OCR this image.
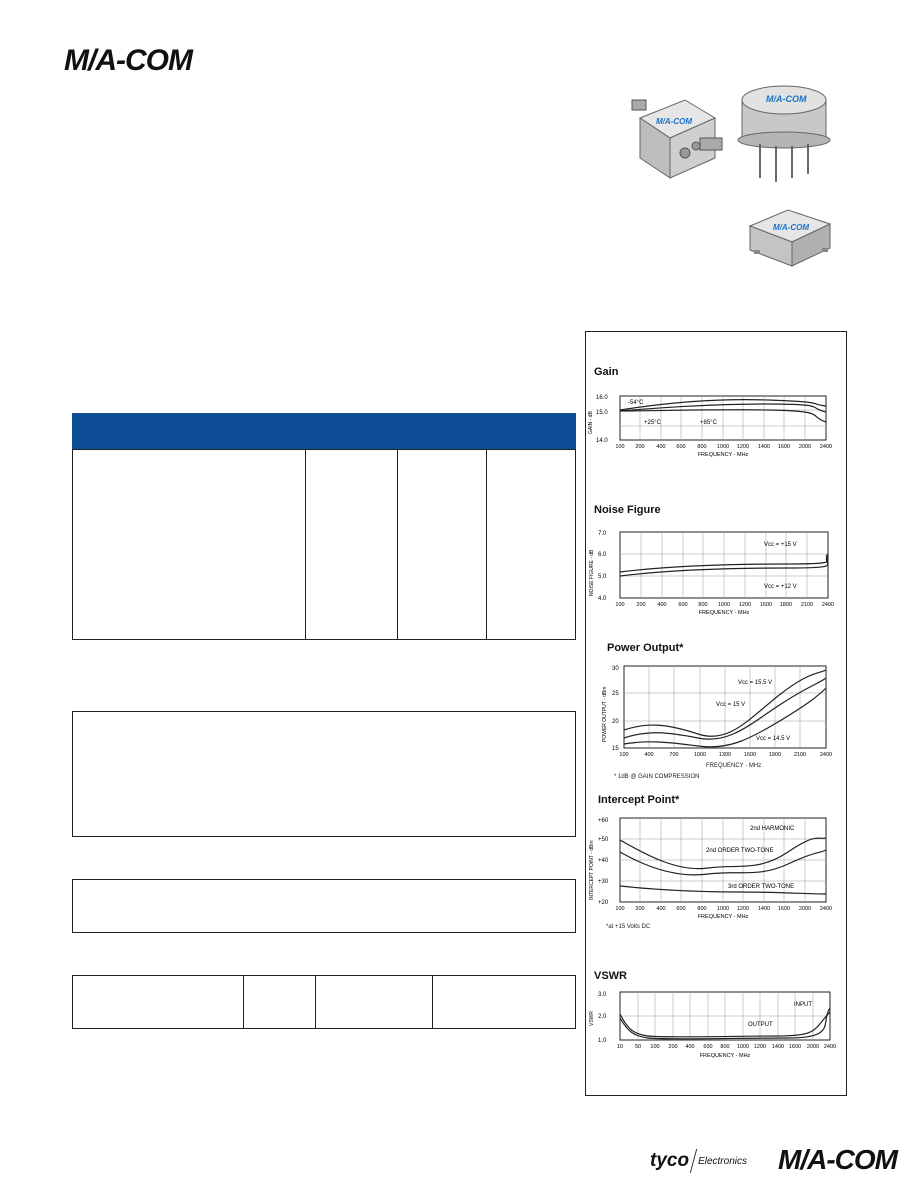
M/A-COM
M/A-COM
M/A-COM
M/A-COM
Gain
14.0
15.0
16.0
GAIN - dB
100 200 400 600 800 1000 1200 1400 1600 2000 2400
FREQUENCY - MHz
-54°C
+25°C	+85°C
Noise Figure
4.0
5.0
6.0
7.0
NOISE FIGURE - dB
100 200 400 600 800 1000 1200 1600 1800 2100 2400
FREQUENCY - MHz
Vcc = +15 V
Vcc = +12 V
Power Output*
15
20
25
30
POWER OUTPUT - dBm
100	400	700	1000 1300 1600 1900 2100	2400
Vcc = 15.5 V
Vcc = 15 V
Vcc = 14.5 V
FREQUENCY - MHz
* 1dB @ GAIN COMPRESSION
Intercept Point*
+20
+30
+40
+50
+60
INTERCEPT POINT - dBm
100 200 400 600 800 1000 1200 1400 1600 2000 2400
FREQUENCY - MHz
2nd HARMONIC
2nd ORDER TWO-TONE
3rd ORDER TWO-TONE
*at +15 Volts DC
VSWR
1.0
2.0
3.0
VSWR
10 50 100 200 400 600 800 1000 1200 1400 1600 2000 2400
FREQUENCY - MHz
OUTPUT
INPUT
tyco Electronics M/A-COM
